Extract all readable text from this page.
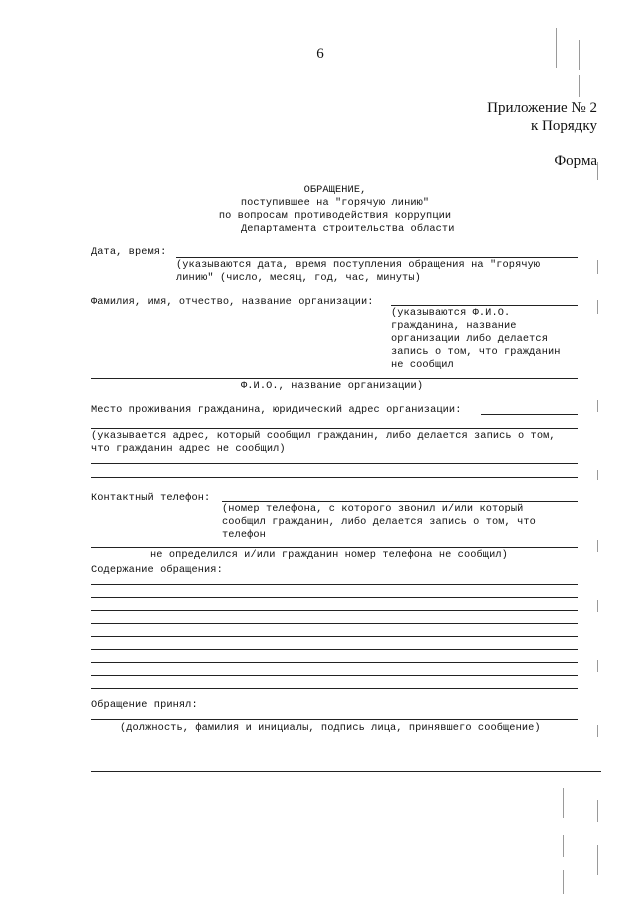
6
Приложение № 2
к Порядку
Форма
ОБРАЩЕНИЕ,
поступившее на "горячую линию"
по вопросам противодействия коррупции
Департамента строительства области
Дата, время:
(указываются дата, время поступления обращения на "горячую
линию" (число, месяц, год, час, минуты)
Фамилия, имя, отчество, название организации:
(указываются Ф.И.О.
гражданина, название
организации либо делается
запись о том, что гражданин
не сообщил
Ф.И.О., название организации)
Место проживания гражданина, юридический адрес организации:
(указывается адрес, который сообщил гражданин, либо делается запись о том,
что гражданин адрес не сообщил)
Контактный телефон:
(номер телефона, с которого звонил и/или который
сообщил гражданин, либо делается запись о том, что
телефон
не определился и/или гражданин номер телефона не сообщил)
Содержание обращения:
Обращение принял:
(должность, фамилия и инициалы, подпись лица, принявшего сообщение)
